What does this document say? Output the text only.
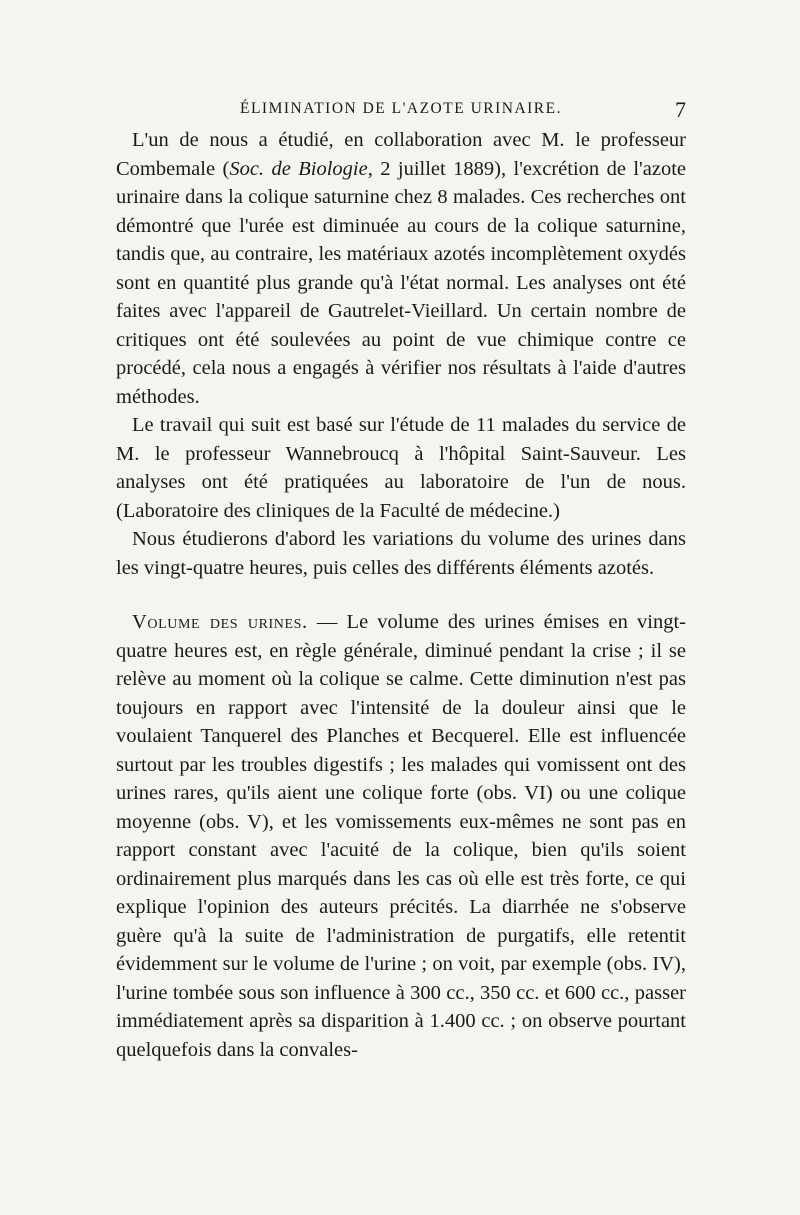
ÉLIMINATION DE L'AZOTE URINAIRE.	7

L'un de nous a étudié, en collaboration avec M. le professeur Combemale (Soc. de Biologie, 2 juillet 1889), l'excrétion de l'azote urinaire dans la colique saturnine chez 8 malades. Ces recherches ont démontré que l'urée est diminuée au cours de la colique saturnine, tandis que, au contraire, les matériaux azotés incomplètement oxydés sont en quantité plus grande qu'à l'état normal. Les analyses ont été faites avec l'appareil de Gautrelet-Vieillard. Un certain nombre de critiques ont été soulevées au point de vue chimique contre ce procédé, cela nous a engagés à vérifier nos résultats à l'aide d'autres méthodes.

Le travail qui suit est basé sur l'étude de 11 malades du service de M. le professeur Wannebroucq à l'hôpital Saint-Sauveur. Les analyses ont été pratiquées au laboratoire de l'un de nous. (Laboratoire des cliniques de la Faculté de médecine.)

Nous étudierons d'abord les variations du volume des urines dans les vingt-quatre heures, puis celles des différents éléments azotés.

Volume des urines. — Le volume des urines émises en vingt-quatre heures est, en règle générale, diminué pendant la crise ; il se relève au moment où la colique se calme. Cette diminution n'est pas toujours en rapport avec l'intensité de la douleur ainsi que le voulaient Tanquerel des Planches et Becquerel. Elle est influencée surtout par les troubles digestifs ; les malades qui vomissent ont des urines rares, qu'ils aient une colique forte (obs. VI) ou une colique moyenne (obs. V), et les vomissements eux-mêmes ne sont pas en rapport constant avec l'acuité de la colique, bien qu'ils soient ordinairement plus marqués dans les cas où elle est très forte, ce qui explique l'opinion des auteurs précités. La diarrhée ne s'observe guère qu'à la suite de l'administration de purgatifs, elle retentit évidemment sur le volume de l'urine ; on voit, par exemple (obs. IV), l'urine tombée sous son influence à 300 cc., 350 cc. et 600 cc., passer immédiatement après sa disparition à 1.400 cc. ; on observe pourtant quelquefois dans la convales-
